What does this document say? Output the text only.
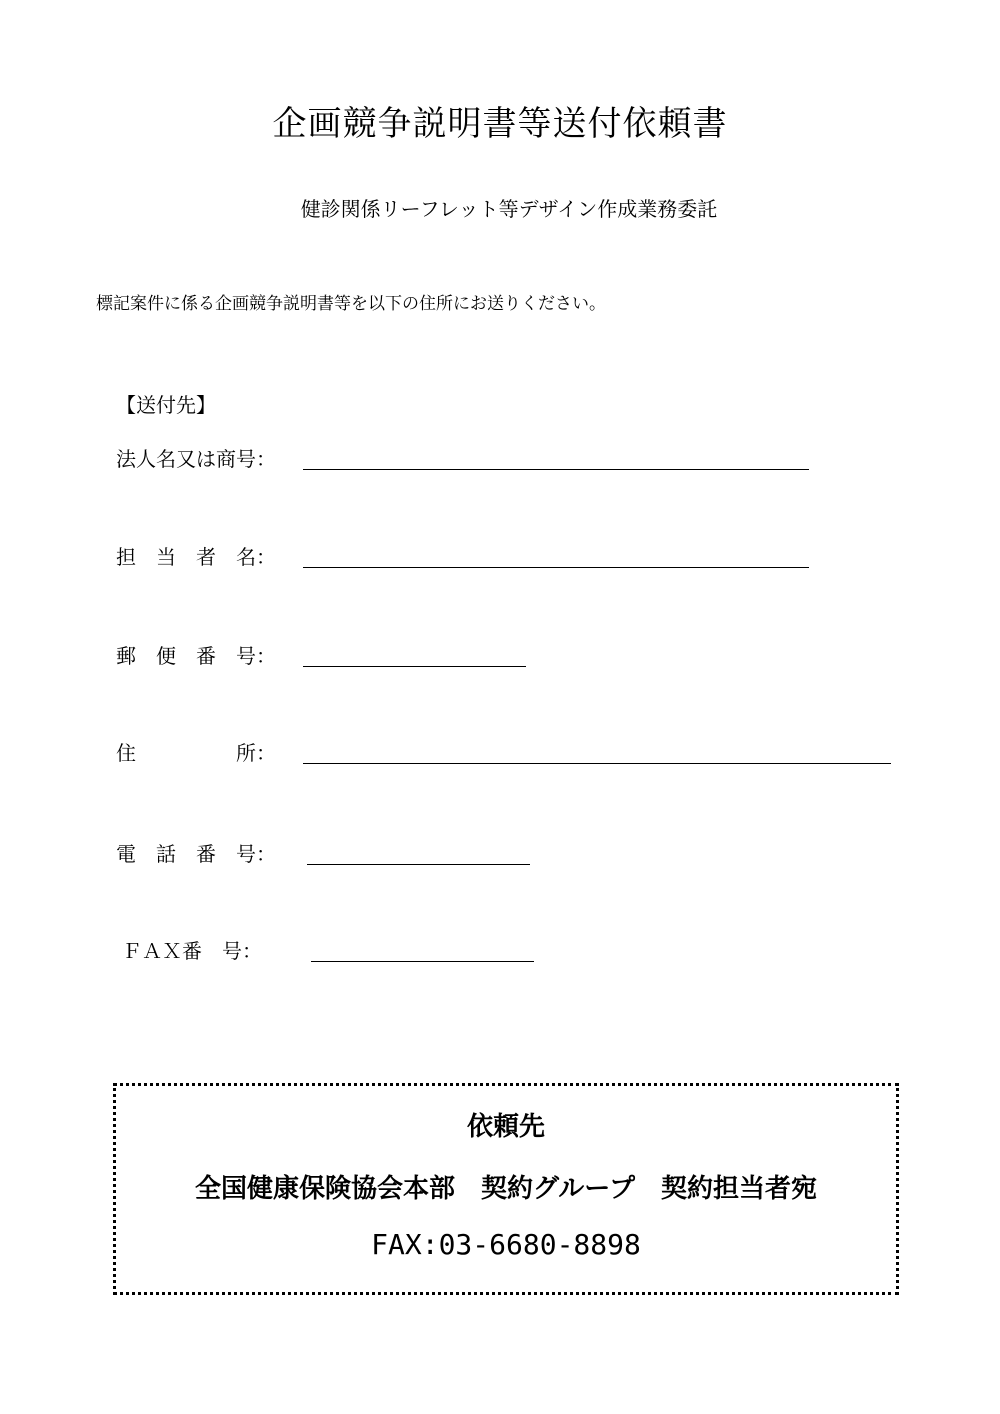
企画競争説明書等送付依頼書

健診関係リーフレット等デザイン作成業務委託

標記案件に係る企画競争説明書等を以下の住所にお送りください。

【送付先】

法人名又は商号：
担　当　者　名：
郵　便　番　号：
住　　　　　所：
電　話　番　号：
ＦＡＸ番　号：

依頼先

全国健康保険協会本部　契約グループ　契約担当者宛

FAX:03-6680-8898
